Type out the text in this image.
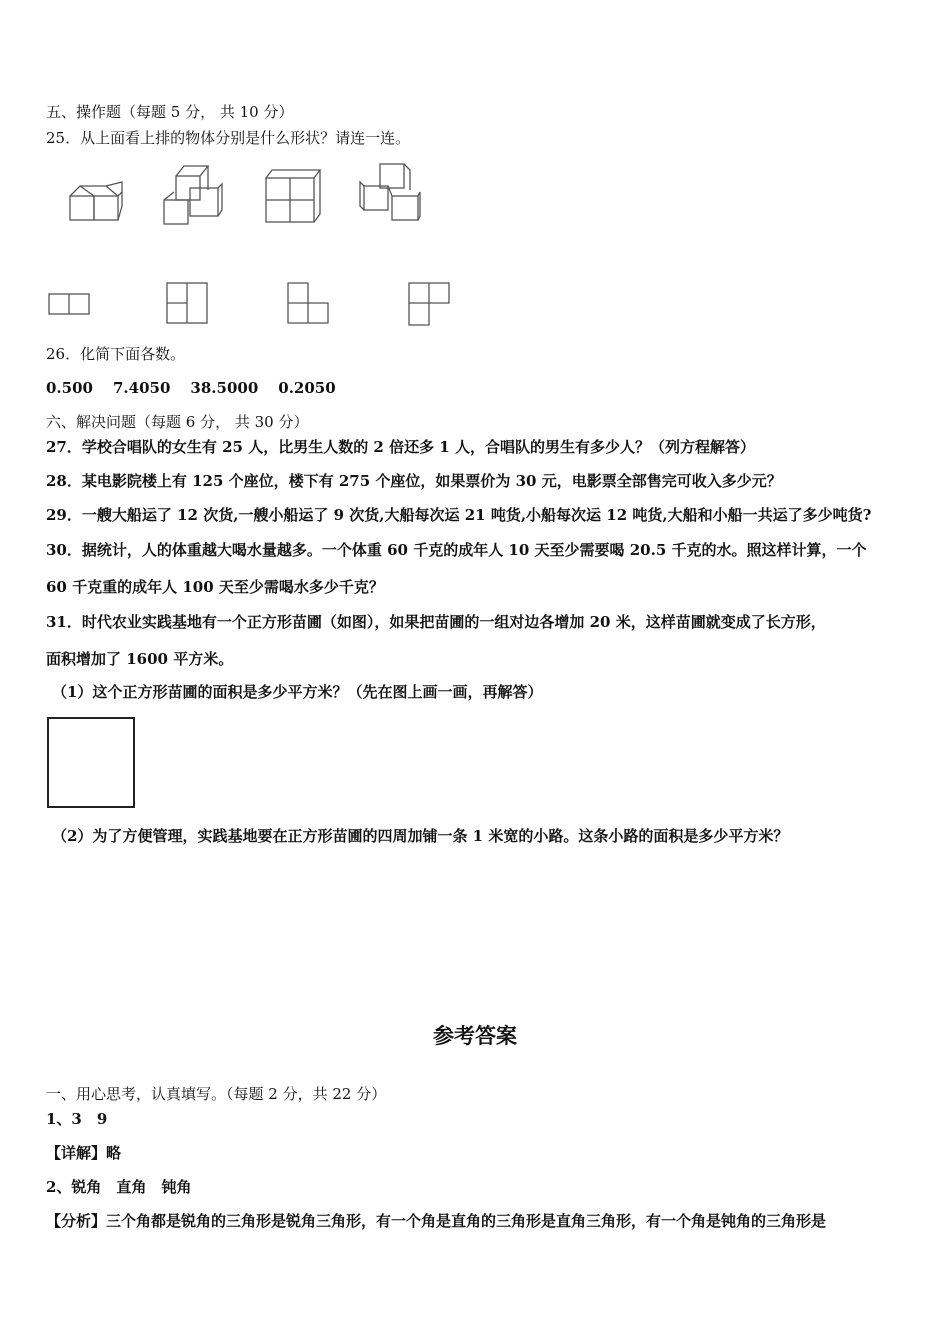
五、操作题（每题 5 分， 共 10 分）
25．从上面看上排的物体分别是什么形状？请连一连。
26．化简下面各数。
0.500 7.4050 38.5000 0.2050
六、解决问题（每题 6 分， 共 30 分）
27．学校合唱队的女生有 25 人，比男生人数的 2 倍还多 1 人，合唱队的男生有多少人？（列方程解答）
28．某电影院楼上有 125 个座位，楼下有 275 个座位，如果票价为 30 元，电影票全部售完可收入多少元？
29．一艘大船运了 12 次货,一艘小船运了 9 次货,大船每次运 21 吨货,小船每次运 12 吨货,大船和小船一共运了多少吨货?
30．据统计，人的体重越大喝水量越多。一个体重 60 千克的成年人 10 天至少需要喝 20.5 千克的水。照这样计算，一个
60 千克重的成年人 100 天至少需喝水多少千克？
31．时代农业实践基地有一个正方形苗圃（如图），如果把苗圃的一组对边各增加 20 米，这样苗圃就变成了长方形，
面积增加了 1600 平方米。
（1）这个正方形苗圃的面积是多少平方米？（先在图上画一画，再解答）
（2）为了方便管理，实践基地要在正方形苗圃的四周加铺一条 1 米宽的小路。这条小路的面积是多少平方米？
参考答案
一、用心思考，认真填写。（每题 2 分，共 22 分）
1、3　9
【详解】略
2、锐角　直角　钝角
【分析】三个角都是锐角的三角形是锐角三角形，有一个角是直角的三角形是直角三角形，有一个角是钝角的三角形是
